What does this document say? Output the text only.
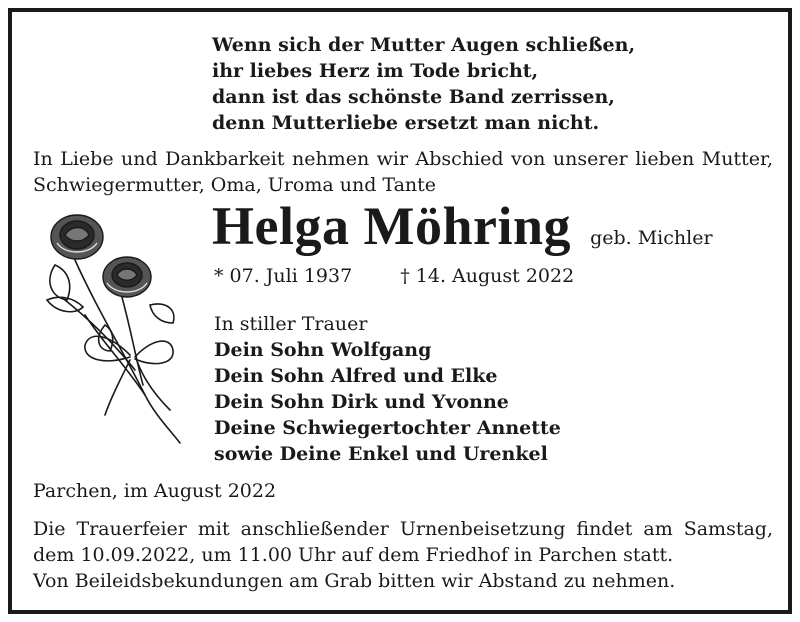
Wenn sich der Mutter Augen schließen,
ihr liebes Herz im Tode bricht,
dann ist das schönste Band zerrissen,
denn Mutterliebe ersetzt man nicht.
In Liebe und Dankbarkeit nehmen wir Abschied von unserer lieben Mutter,
Schwiegermutter, Oma, Uroma und Tante
Helga Möhring geb. Michler
* 07. Juli 1937	† 14. August 2022
In stiller Trauer
Dein Sohn Wolfgang
Dein Sohn Alfred und Elke
Dein Sohn Dirk und Yvonne
Deine Schwiegertochter Annette
sowie Deine Enkel und Urenkel
Parchen, im August 2022
Die Trauerfeier mit anschließender Urnenbeisetzung findet am Samstag,
dem 10.09.2022, um 11.00 Uhr auf dem Friedhof in Parchen statt.
Von Beileidsbekundungen am Grab bitten wir Abstand zu nehmen.
